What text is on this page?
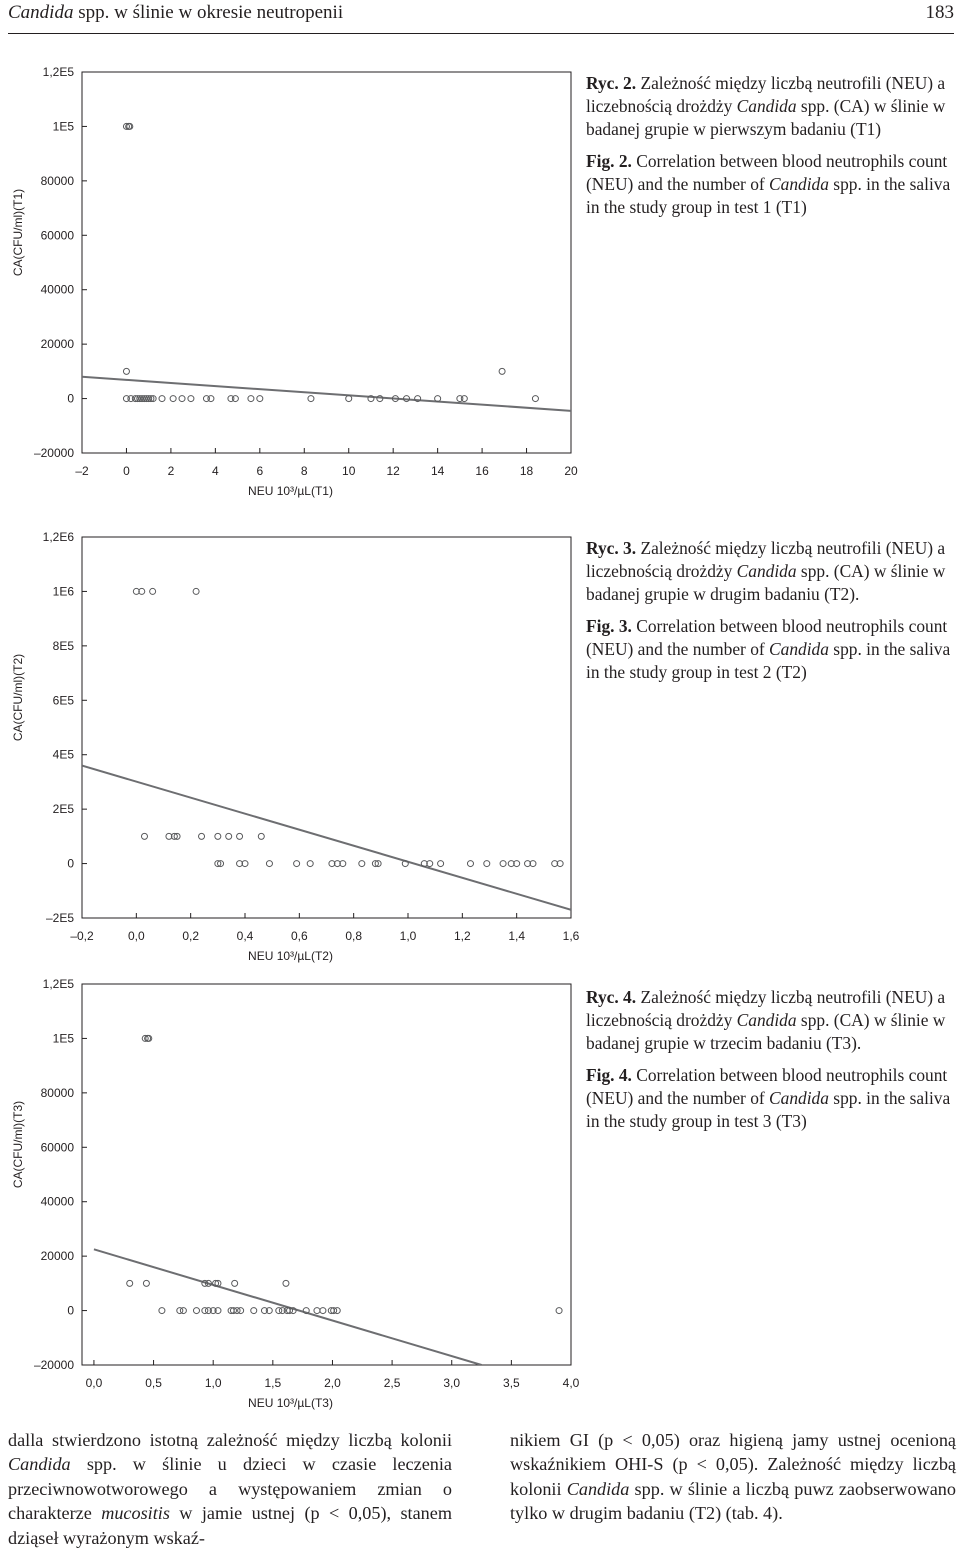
Candida spp. w ślinie w okresie neutropenii	183
–20000
0
20000
40000
60000
80000
1E5
1,2E5
–2	0	2	4	6	8	10	12	14	16	18	20
NEU 10³/µL(T1)
CA(CFU/ml)(T1)

Ryc. 2. Zależność między liczbą neutrofili (NEU) a liczebnością drożdży Candida spp. (CA) w ślinie w badanej grupie w pierwszym badaniu (T1)

Fig. 2. Correlation between blood neutrophils count (NEU) and the number of Candida spp. in the saliva in the study group in test 1 (T1)

–2E5
0
2E5
4E5
6E5
8E5
1E6
1,2E6
–0,2	0,0	0,2	0,4	0,6	0,8	1,0	1,2	1,4	1,6
NEU 10³/µL(T2)
CA(CFU/ml)(T2)

Ryc. 3. Zależność między liczbą neutrofili (NEU) a liczebnością drożdży Candida spp. (CA) w ślinie w badanej grupie w drugim badaniu (T2).

Fig. 3. Correlation between blood neutrophils count (NEU) and the number of Candida spp. in the saliva in the study group in test 2 (T2)

–20000
0
20000
40000
60000
80000
1E5
1,2E5
0,0	0,5	1,0	1,5	2,0	2,5	3,0	3,5	4,0
NEU 10³/µL(T3)
CA(CFU/ml)(T3)

Ryc. 4. Zależność między liczbą neutrofili (NEU) a liczebnością drożdży Candida spp. (CA) w ślinie w badanej grupie w trzecim badaniu (T3).

Fig. 4. Correlation between blood neutrophils count (NEU) and the number of Candida spp. in the saliva in the study group in test 3 (T3)

dalla stwierdzono istotną zależność między liczbą kolonii Candida spp. w ślinie u dzieci w czasie leczenia przeciwnowotworowego a występowaniem zmian o charakterze mucositis w jamie ustnej (p < 0,05), stanem dziąseł wyrażonym wskaź-

nikiem GI (p < 0,05) oraz higieną jamy ustnej ocenioną wskaźnikiem OHI-S (p < 0,05). Zależność między liczbą kolonii Candida spp. w ślinie a liczbą puwz zaobserwowano tylko w drugim badaniu (T2) (tab. 4).
